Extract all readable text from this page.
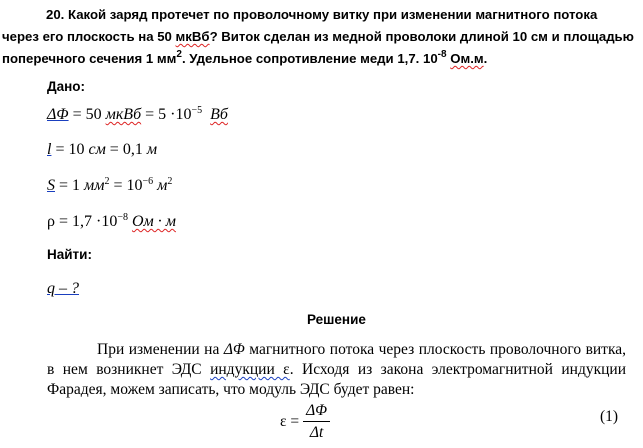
20. Какой заряд протечет по проволочному витку при изменении магнитного потока

через его плоскость на 50 мкВб? Виток сделан из медной проволоки длиной 10 см и площадью

поперечного сечения 1 $мм^2$. Удельное сопротивление меди 1,7. $10^{-8}$ Ом.м.

Дано:
ΔΦ = 50 мкВб = $5 \cdot 10^{-5}$ Вб
l = 10 см = 0,1 м
S = 1 $мм^2 = 10^{-6}$ $м^2$
$\rho = 1,7 \cdot 10^{-8}$ Ом · м
Найти:
q – ?
Решение

При изменении на ΔΦ магнитного потока через плоскость проволочного витка, в нем возникнет ЭДС индукции ε. Исходя из закона электромагнитной индукции Фарадея, можем записать, что модуль ЭДС будет равен:

$\varepsilon = \frac{\Delta\Phi}{\Delta t}$	(1)
